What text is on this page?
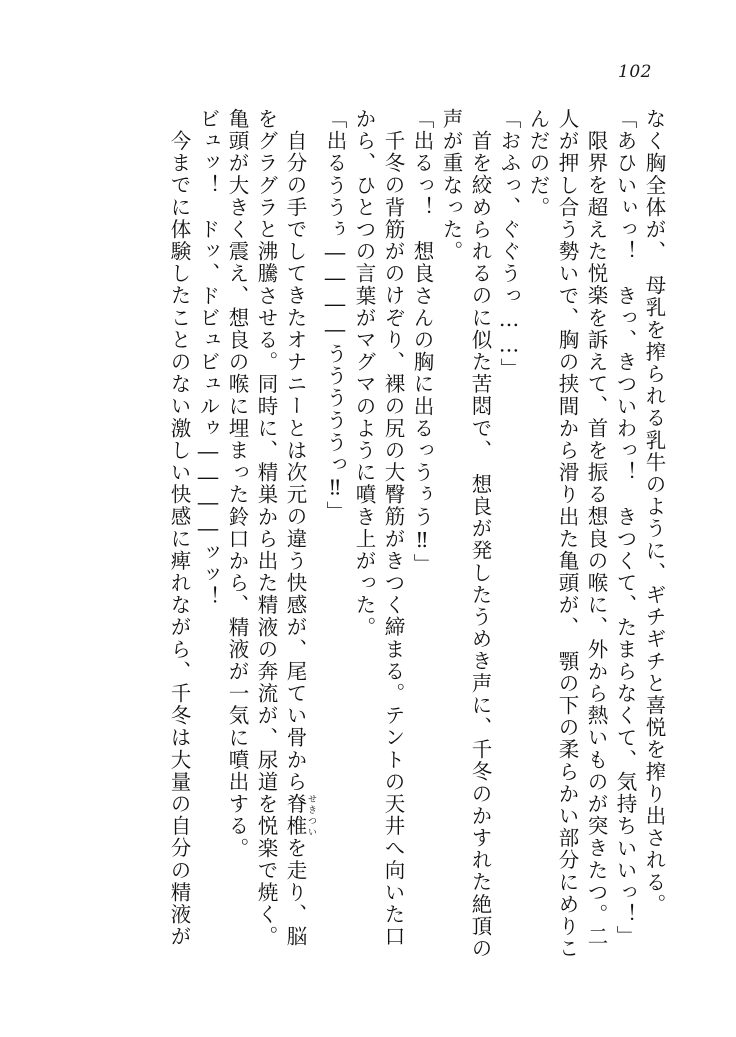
102
なく胸全体が、　母乳を搾られる乳牛のように、ギチギチと喜悦を搾り出される。
「あひいぃっ！　きっ、きついわっ！　きつくて、たまらなくて、気持ちいいっ！」
限界を超えた悦楽を訴えて、首を振る想良の喉に、外から熱いものが突きたつ。二
人が押し合う勢いで、胸の挟間から滑り出た亀頭が、　顎の下の柔らかい部分にめりこ
んだのだ。
「おふっ、ぐぐうっ……」
首を絞められるのに似た苦悶で、　想良が発したうめき声に、千冬のかすれた絶頂の
声が重なった。
「出るっ！　想良さんの胸に出るっうぅう‼」
千冬の背筋がのけぞり、裸の尻の大臀筋がきつく締まる。テントの天井へ向いた口
から、ひとつの言葉がマグマのように噴き上がった。
「出るううぅ――――うううううっ‼」
自分の手でしてきたオナニーとは次元の違う快感が、尾てい骨から脊椎 せきついを走り、脳
をグラグラと沸騰させる。同時に、精巣から出た精液の奔流が、尿道を悦楽で焼く。
亀頭が大きく震え、想良の喉に埋まった鈴口から、精液が一気に噴出する。
ビュッ！　ドッ、ドビュビュルゥ――――ッッ！
今までに体験したことのない激しい快感に痺れながら、千冬は大量の自分の精液が
